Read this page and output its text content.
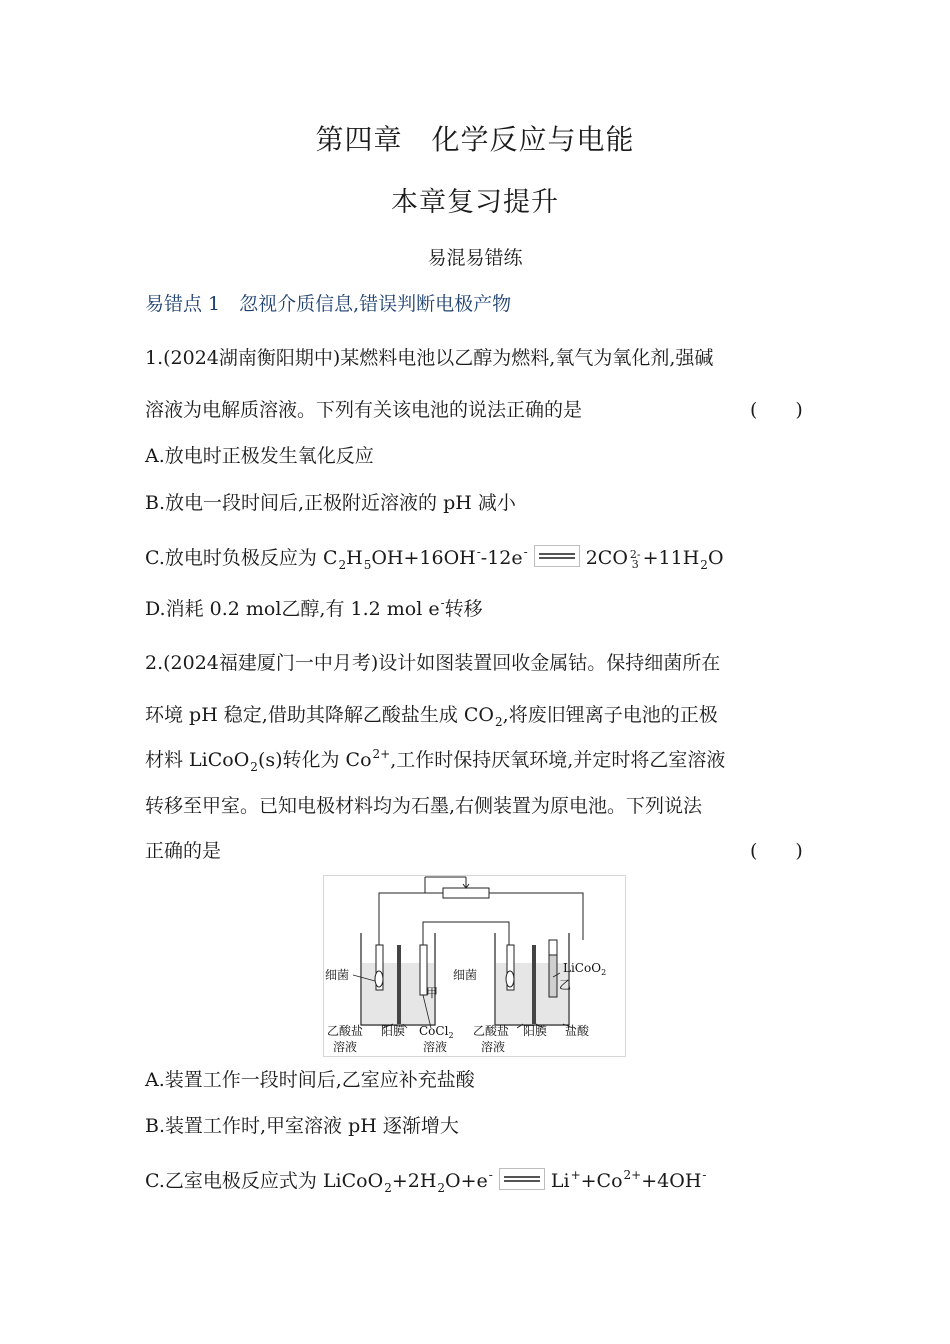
第四章　化学反应与电能
本章复习提升
易混易错练
易错点 1　忽视介质信息,错误判断电极产物
1.(2024湖南衡阳期中)某燃料电池以乙醇为燃料,氧气为氧化剂,强碱
溶液为电解质溶液。下列有关该电池的说法正确的是	(　　)
A.放电时正极发生氧化反应
B.放电一段时间后,正极附近溶液的 pH 减小
C.放电时负极反应为 $C_2H_5OH+16OH^--12e^-$	2CO 2-
$3 +11H_2O$
D.消耗 0.2 mol乙醇,有 1.2 mol e-转移
2.(2024福建厦门一中月考)设计如图装置回收金属钴。保持细菌所在
环境 pH 稳定,借助其降解乙酸盐生成 $CO_2$,将废旧锂离子电池的正极
材料 LiCoO$_2$(s)转化为 $Co^{2+}$,工作时保持厌氧环境,并定时将乙室溶液
转移至甲室。已知电极材料均为石墨,右侧装置为原电池。下列说法
正确的是	(　　)
细菌
甲
细菌
乙
LiCoO$_2$
乙酸盐
溶液
阳膜 CoCl$_2$
溶液
乙酸盐
溶液
阳膜 盐酸
A.装置工作一段时间后,乙室应补充盐酸
B.装置工作时,甲室溶液 pH 逐渐增大
C.乙室电极反应式为 $LiCoO_2+2H_2O+e^-$	$Li^++Co^{2+}+4OH^-$
